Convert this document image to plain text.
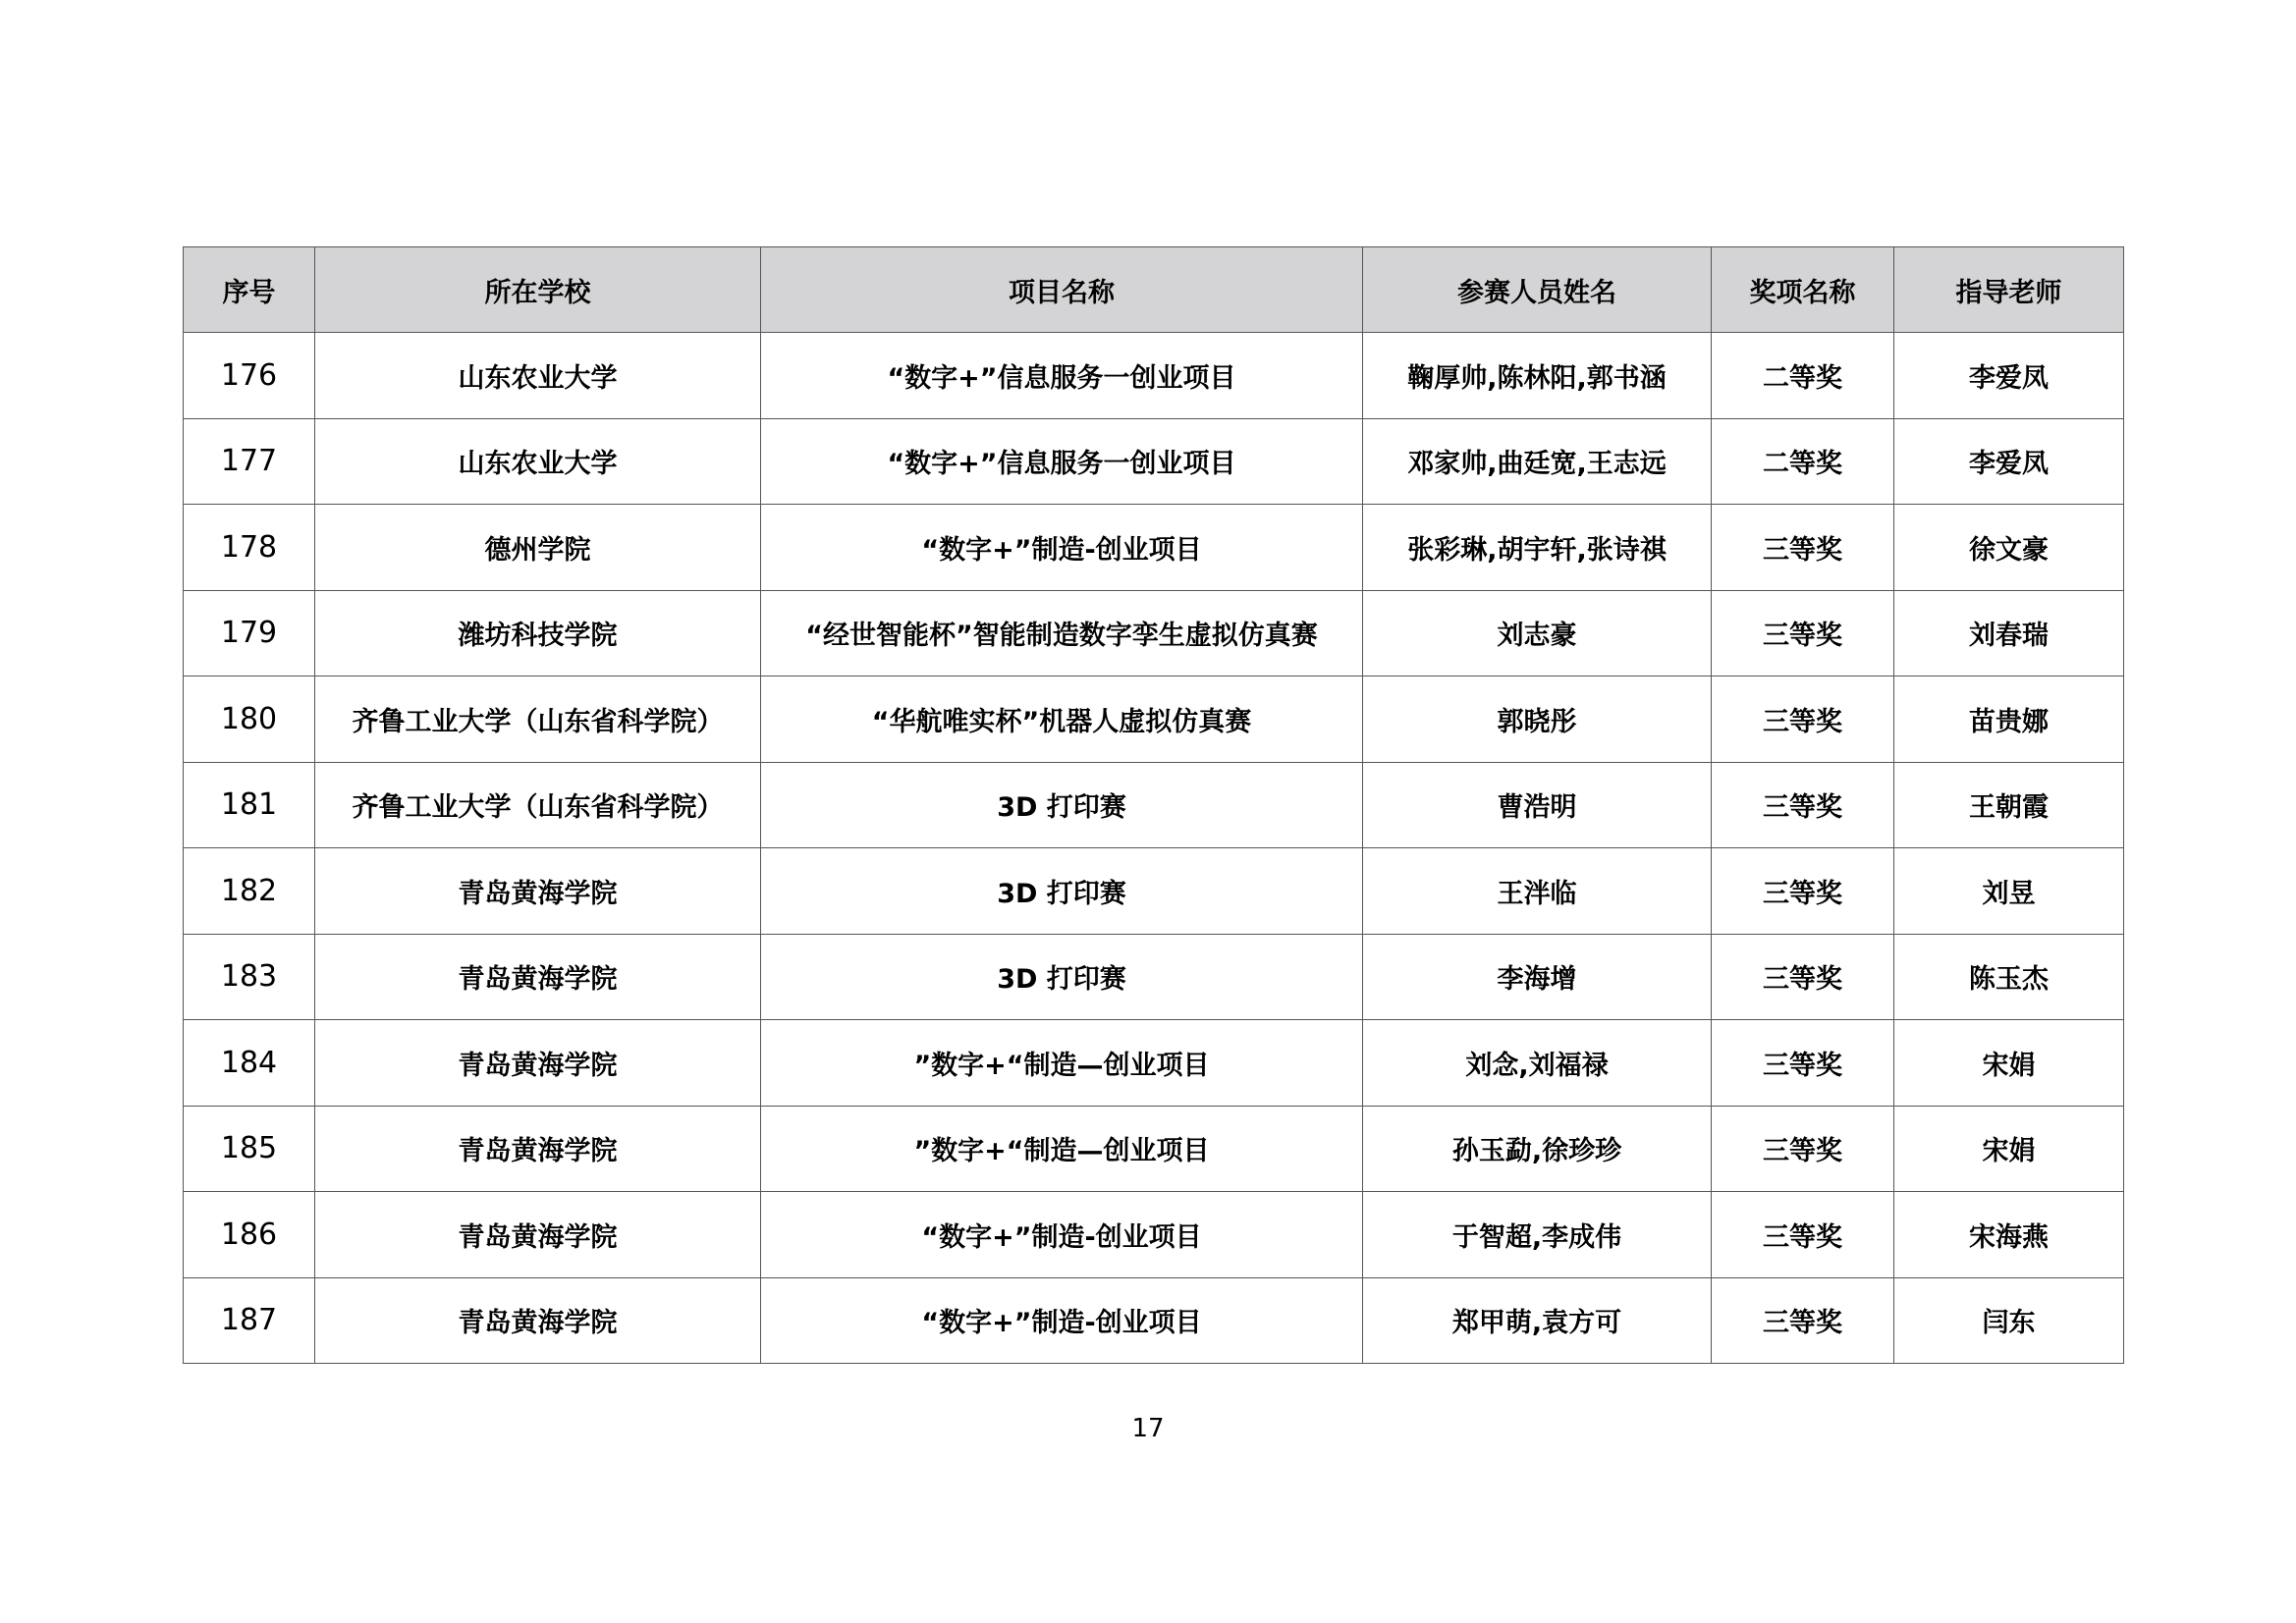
序号	所在学校	项目名称	参赛人员姓名	奖项名称	指导老师
176	山东农业大学	“数字+”信息服务一创业项目	鞠厚帅,陈林阳,郭书涵	二等奖	李爱凤
177	山东农业大学	“数字+”信息服务一创业项目	邓家帅,曲廷宽,王志远	二等奖	李爱凤
178	德州学院	“数字+”制造-创业项目	张彩琳,胡宇轩,张诗祺	三等奖	徐文豪
179	潍坊科技学院	“经世智能杯”智能制造数字孪生虚拟仿真赛	刘志豪	三等奖	刘春瑞
180	齐鲁工业大学（山东省科学院）	“华航唯实杯”机器人虚拟仿真赛	郭晓彤	三等奖	苗贵娜
181	齐鲁工业大学（山东省科学院）	3D 打印赛	曹浩明	三等奖	王朝霞
182	青岛黄海学院	3D 打印赛	王泮临	三等奖	刘昱
183	青岛黄海学院	3D 打印赛	李海增	三等奖	陈玉杰
184	青岛黄海学院	”数字+“制造—创业项目	刘念,刘福禄	三等奖	宋娟
185	青岛黄海学院	”数字+“制造—创业项目	孙玉勐,徐珍珍	三等奖	宋娟
186	青岛黄海学院	“数字+”制造-创业项目	于智超,李成伟	三等奖	宋海燕
187	青岛黄海学院	“数字+”制造-创业项目	郑甲萌,袁方可	三等奖	闫东
17
